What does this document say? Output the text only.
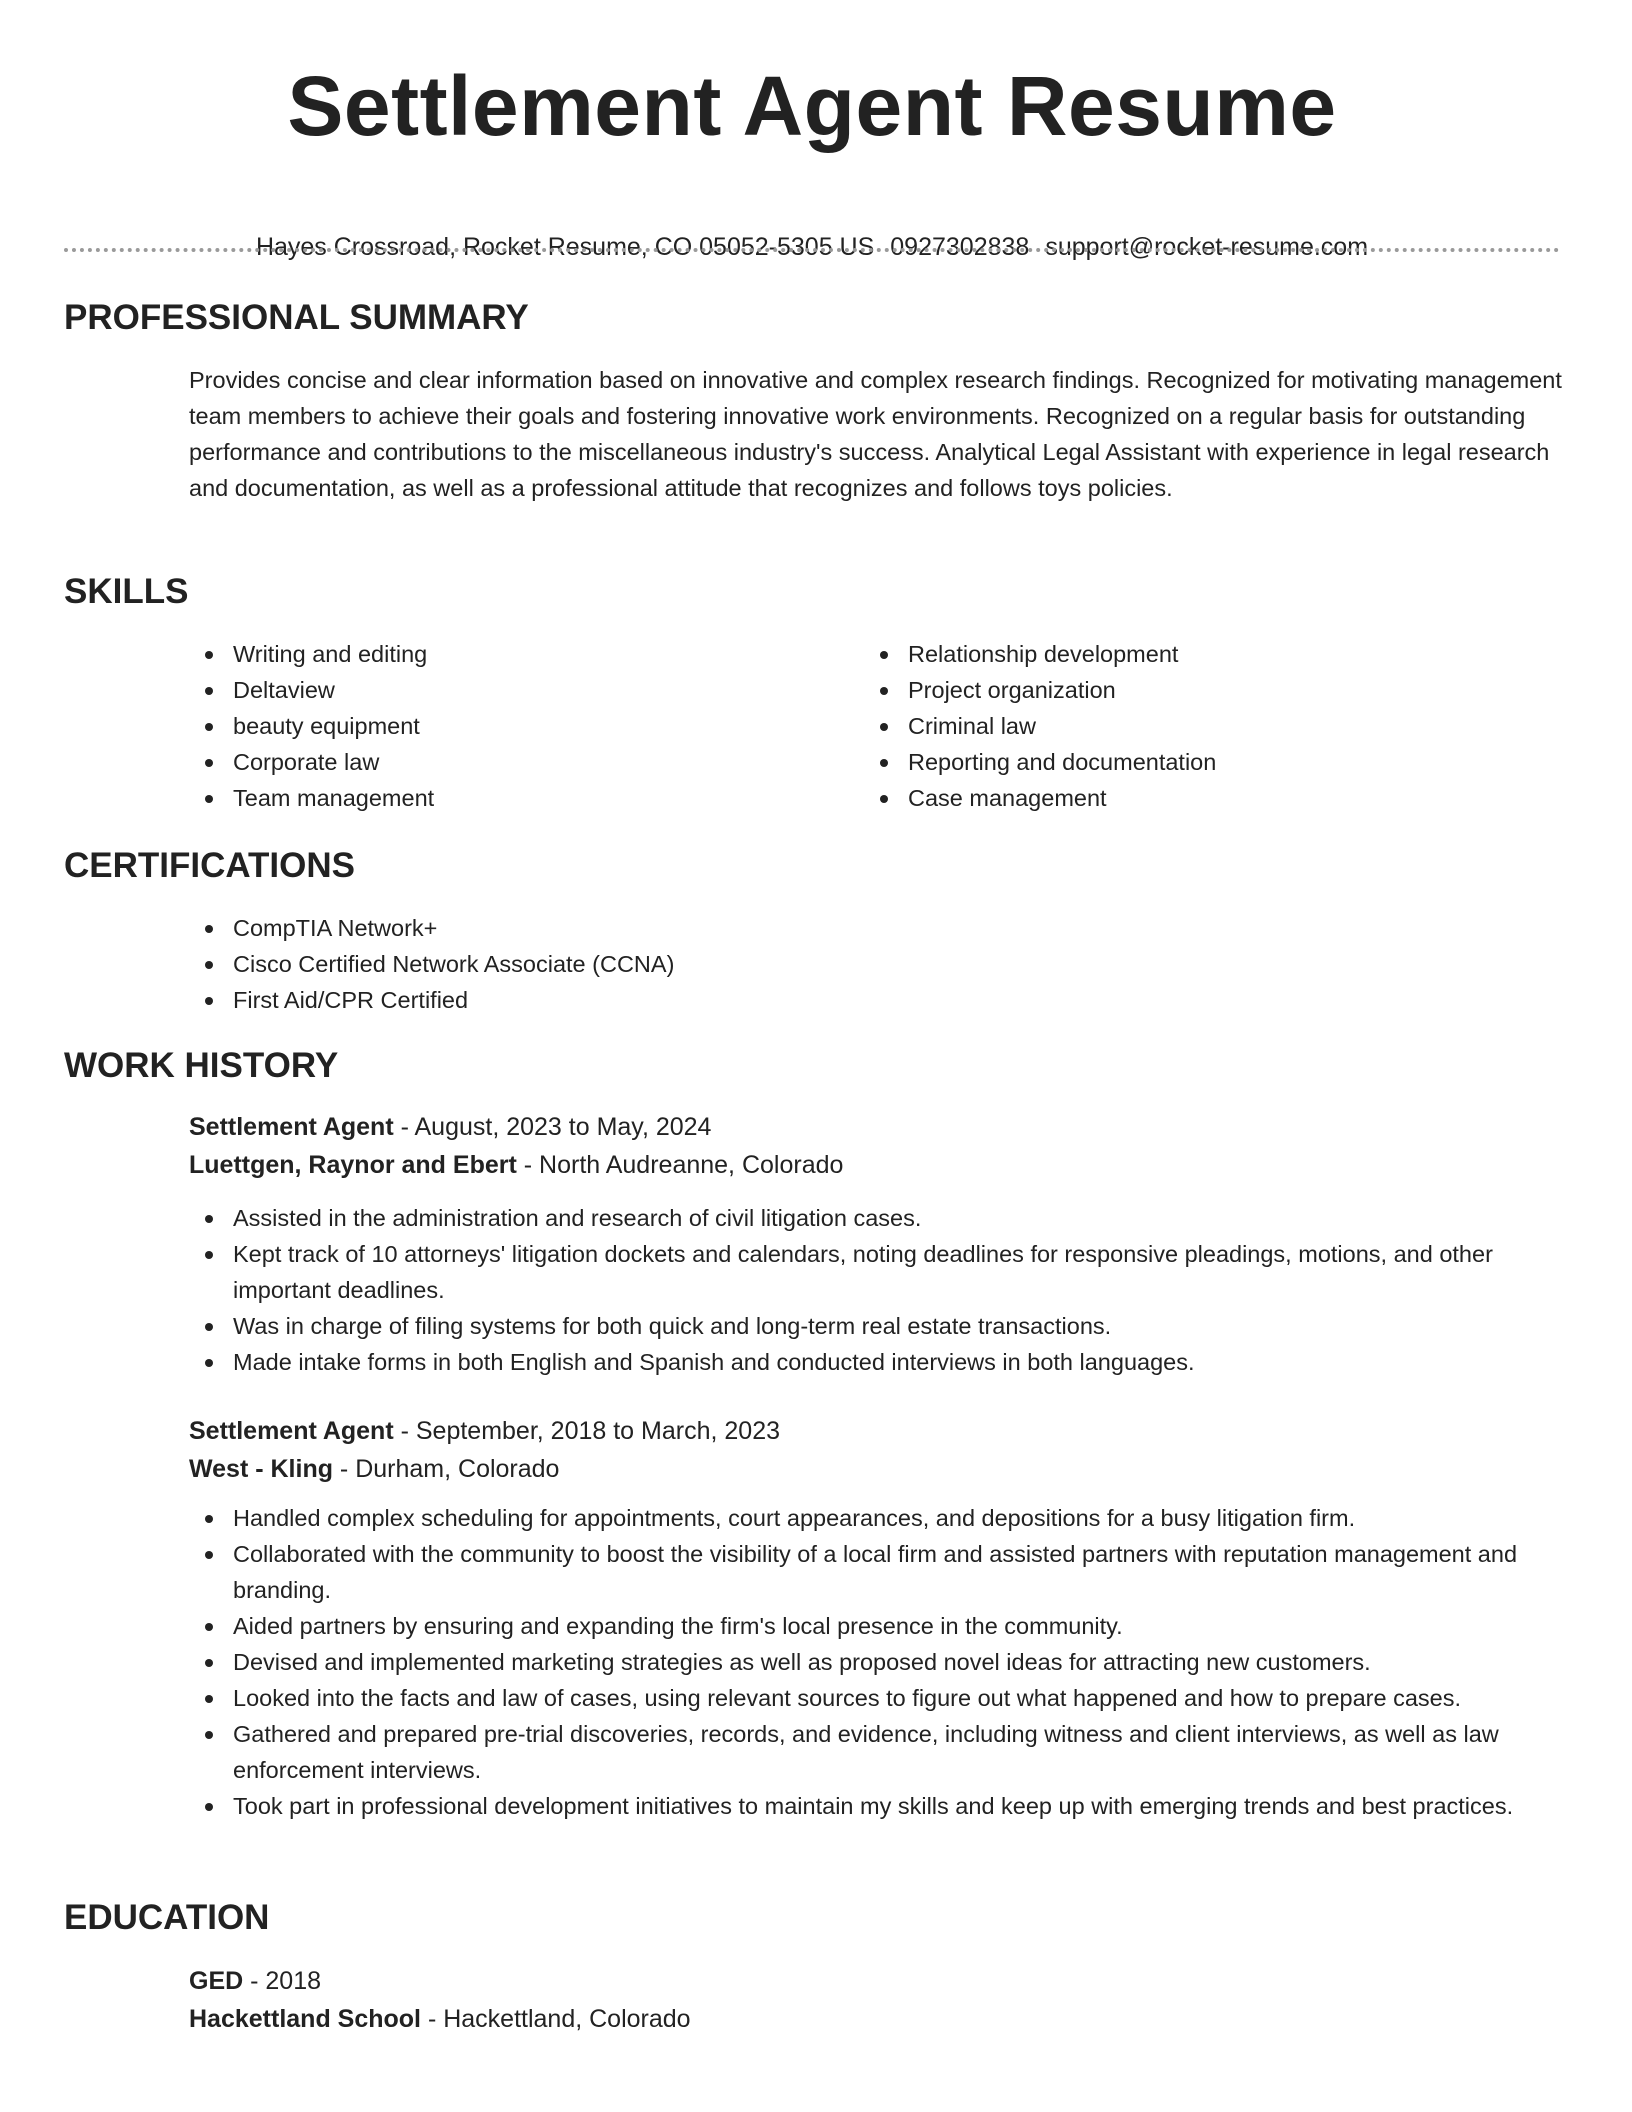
Settlement Agent Resume
Hayes Crossroad, Rocket Resume, CO 05052-5305 US 0927302838 support@rocket-resume.com
PROFESSIONAL SUMMARY

Provides concise and clear information based on innovative and complex research findings. Recognized for motivating management team members to achieve their goals and fostering innovative work environments. Recognized on a regular basis for outstanding performance and contributions to the miscellaneous industry's success. Analytical Legal Assistant with experience in legal research and documentation, as well as a professional attitude that recognizes and follows toys policies.

SKILLS
Writing and editing
Deltaview
beauty equipment
Corporate law
Team management
Relationship development
Project organization
Criminal law
Reporting and documentation
Case management
CERTIFICATIONS
CompTIA Network+
Cisco Certified Network Associate (CCNA)
First Aid/CPR Certified
WORK HISTORY
Settlement Agent - August, 2023 to May, 2024
Luettgen, Raynor and Ebert - North Audreanne, Colorado
Assisted in the administration and research of civil litigation cases.
Kept track of 10 attorneys' litigation dockets and calendars, noting deadlines for responsive pleadings, motions, and other important deadlines.
Was in charge of filing systems for both quick and long-term real estate transactions.
Made intake forms in both English and Spanish and conducted interviews in both languages.
Settlement Agent - September, 2018 to March, 2023
West - Kling - Durham, Colorado
Handled complex scheduling for appointments, court appearances, and depositions for a busy litigation firm.
Collaborated with the community to boost the visibility of a local firm and assisted partners with reputation management and branding.
Aided partners by ensuring and expanding the firm's local presence in the community.
Devised and implemented marketing strategies as well as proposed novel ideas for attracting new customers.
Looked into the facts and law of cases, using relevant sources to figure out what happened and how to prepare cases.
Gathered and prepared pre-trial discoveries, records, and evidence, including witness and client interviews, as well as law enforcement interviews.
Took part in professional development initiatives to maintain my skills and keep up with emerging trends and best practices.
EDUCATION
GED - 2018
Hackettland School - Hackettland, Colorado
